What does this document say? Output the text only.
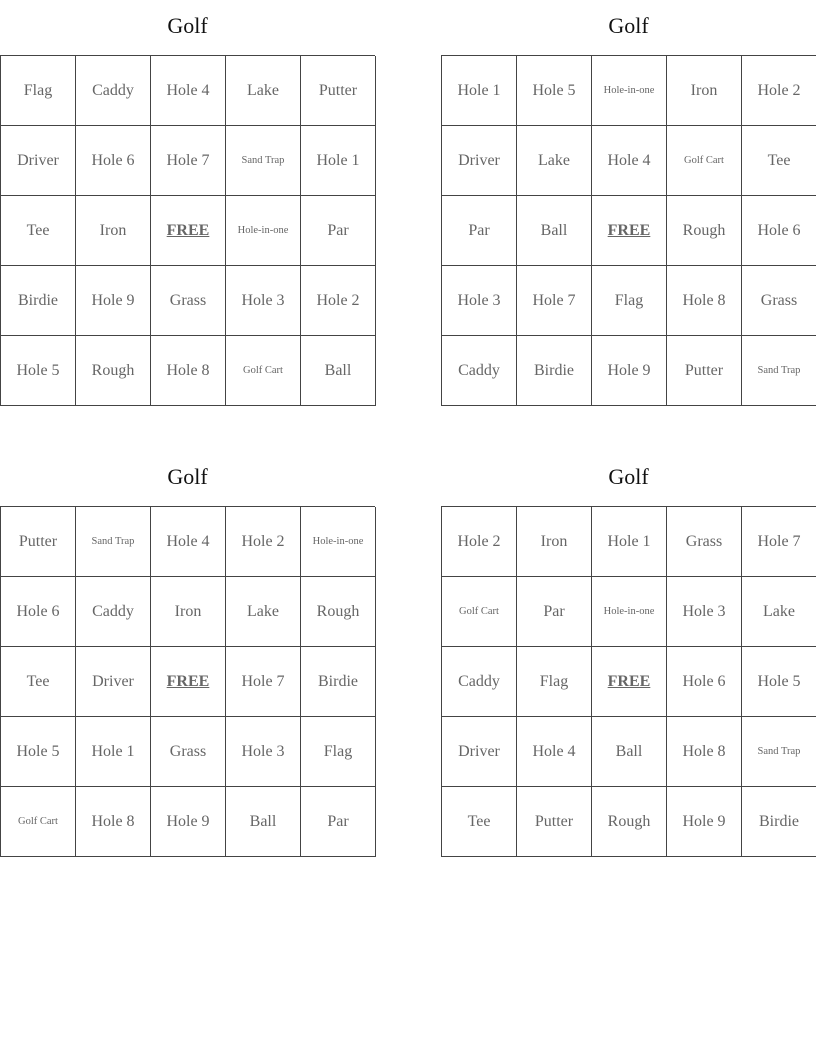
Golf
Flag	Caddy	Hole 4	Lake	Putter
Driver	Hole 6	Hole 7	Sand Trap	Hole 1
Tee	Iron	FREE	Hole-in-one	Par
Birdie	Hole 9	Grass	Hole 3	Hole 2
Hole 5	Rough	Hole 8	Golf Cart	Ball
Golf
Hole 1	Hole 5	Hole-in-one	Iron	Hole 2
Driver	Lake	Hole 4	Golf Cart	Tee
Par	Ball	FREE	Rough	Hole 6
Hole 3	Hole 7	Flag	Hole 8	Grass
Caddy	Birdie	Hole 9	Putter	Sand Trap
Golf
Putter	Sand Trap	Hole 4	Hole 2	Hole-in-one
Hole 6	Caddy	Iron	Lake	Rough
Tee	Driver	FREE	Hole 7	Birdie
Hole 5	Hole 1	Grass	Hole 3	Flag
Golf Cart	Hole 8	Hole 9	Ball	Par
Golf
Hole 2	Iron	Hole 1	Grass	Hole 7
Golf Cart	Par	Hole-in-one	Hole 3	Lake
Caddy	Flag	FREE	Hole 6	Hole 5
Driver	Hole 4	Ball	Hole 8	Sand Trap
Tee	Putter	Rough	Hole 9	Birdie
